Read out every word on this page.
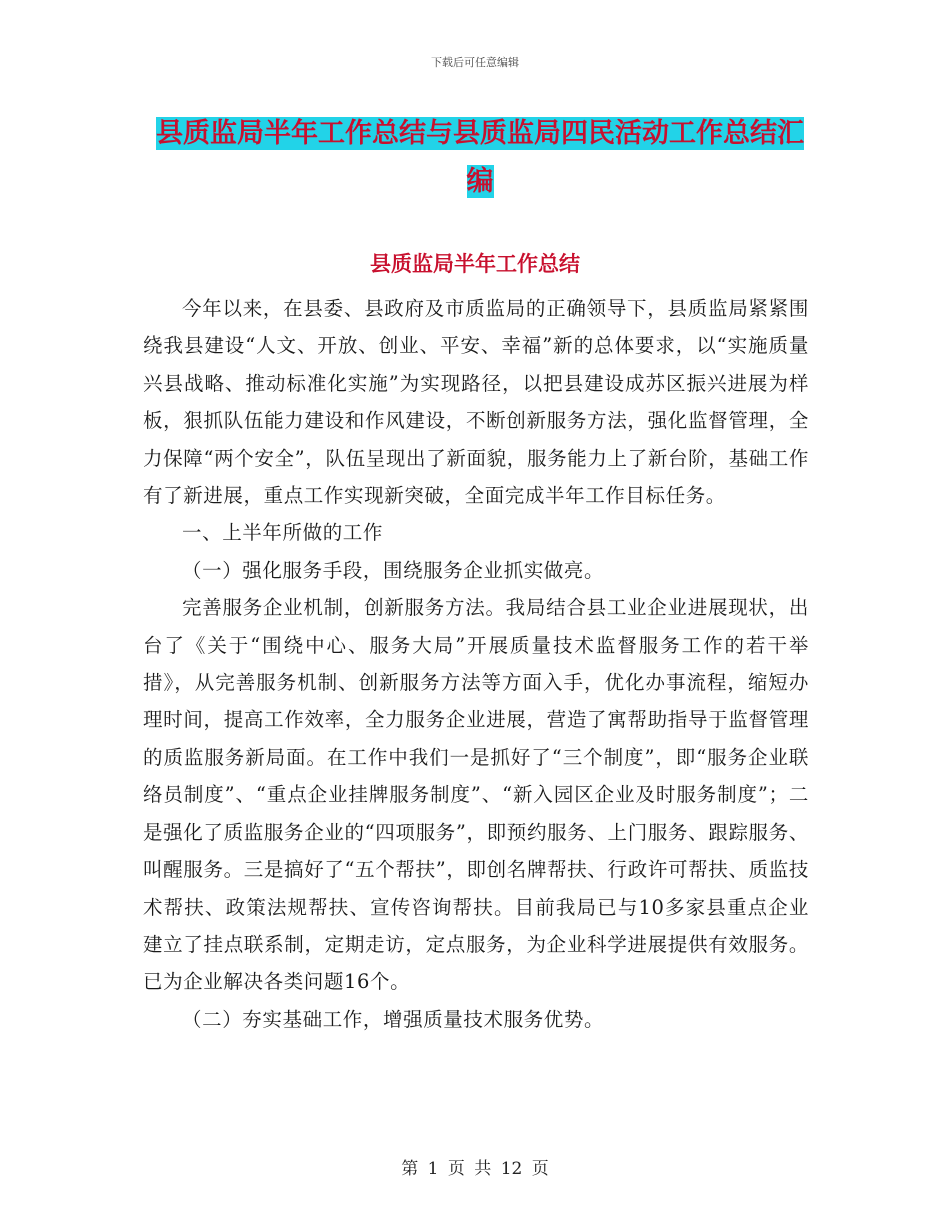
下载后可任意编辑
县质监局半年工作总结与县质监局四民活动工作总结汇编
县质监局半年工作总结

今年以来，在县委、县政府及市质监局的正确领导下，县质监局紧紧围绕我县建设“人文、开放、创业、平安、幸福”新的总体要求，以“实施质量兴县战略、推动标准化实施”为实现路径，以把县建设成苏区振兴进展为样板，狠抓队伍能力建设和作风建设，不断创新服务方法，强化监督管理，全力保障“两个安全”，队伍呈现出了新面貌，服务能力上了新台阶，基础工作有了新进展，重点工作实现新突破，全面完成半年工作目标任务。

一、上半年所做的工作

（一）强化服务手段，围绕服务企业抓实做亮。

完善服务企业机制，创新服务方法。我局结合县工业企业进展现状，出台了《关于“围绕中心、服务大局”开展质量技术监督服务工作的若干举措》，从完善服务机制、创新服务方法等方面入手，优化办事流程，缩短办理时间，提高工作效率，全力服务企业进展，营造了寓帮助指导于监督管理的质监服务新局面。在工作中我们一是抓好了“三个制度”，即“服务企业联络员制度”、“重点企业挂牌服务制度”、“新入园区企业及时服务制度”；二是强化了质监服务企业的“四项服务”，即预约服务、上门服务、跟踪服务、叫醒服务。三是搞好了“五个帮扶”，即创名牌帮扶、行政许可帮扶、质监技术帮扶、政策法规帮扶、宣传咨询帮扶。目前我局已与10多家县重点企业建立了挂点联系制，定期走访，定点服务，为企业科学进展提供有效服务。已为企业解决各类问题16个。

（二）夯实基础工作，增强质量技术服务优势。

第 1 页 共 12 页
